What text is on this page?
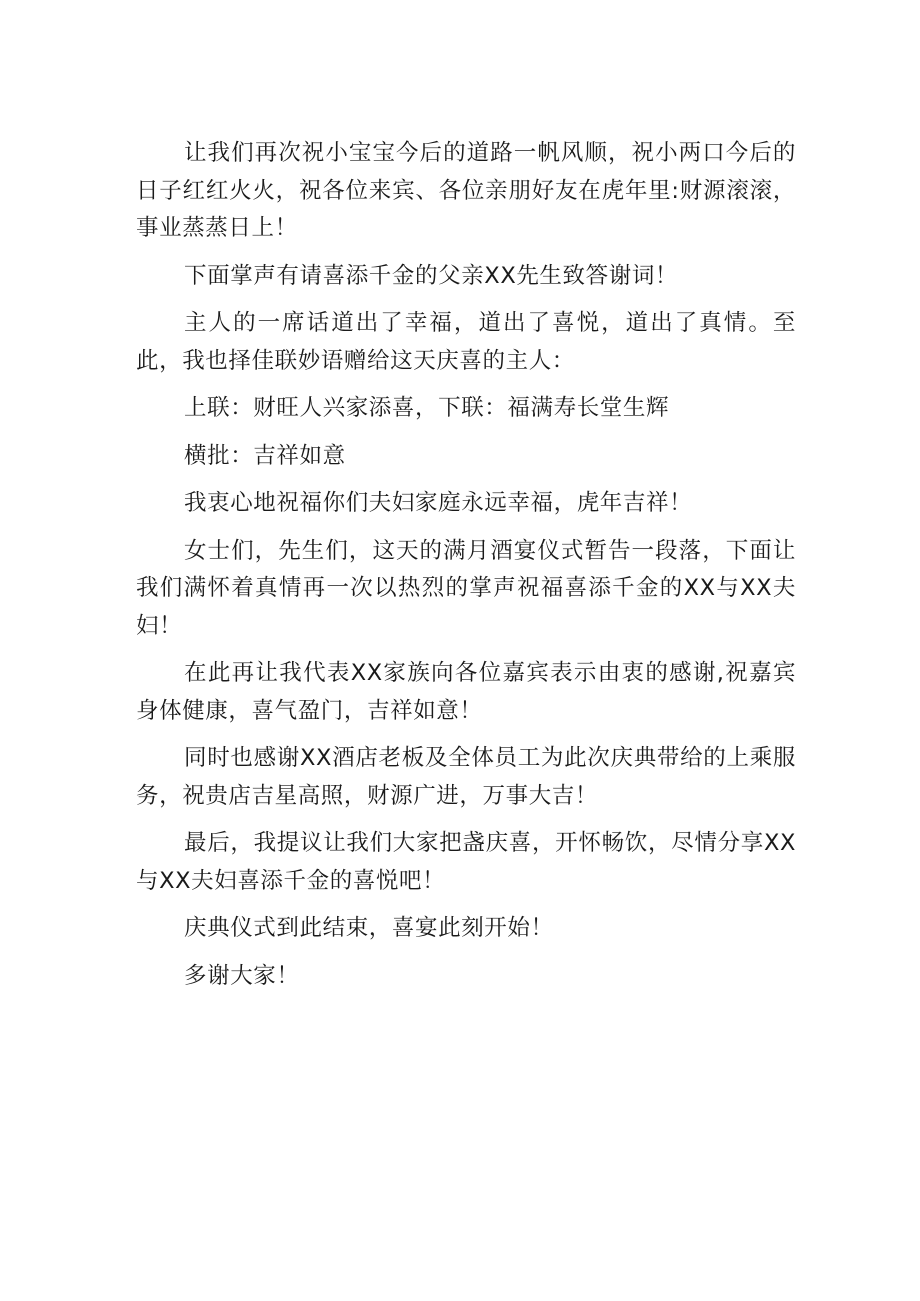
让我们再次祝小宝宝今后的道路一帆风顺，祝小两口今后的日子红红火火，祝各位来宾、各位亲朋好友在虎年里:财源滚滚，事业蒸蒸日上！

下面掌声有请喜添千金的父亲XX先生致答谢词！

主人的一席话道出了幸福，道出了喜悦，道出了真情。至此，我也择佳联妙语赠给这天庆喜的主人：

上联：财旺人兴家添喜，下联：福满寿长堂生辉

横批：吉祥如意

我衷心地祝福你们夫妇家庭永远幸福，虎年吉祥！

女士们，先生们，这天的满月酒宴仪式暂告一段落，下面让我们满怀着真情再一次以热烈的掌声祝福喜添千金的XX与XX夫妇！

在此再让我代表XX家族向各位嘉宾表示由衷的感谢,祝嘉宾身体健康，喜气盈门，吉祥如意！

同时也感谢XX酒店老板及全体员工为此次庆典带给的上乘服务，祝贵店吉星高照，财源广进，万事大吉！

最后，我提议让我们大家把盏庆喜，开怀畅饮，尽情分享XX与XX夫妇喜添千金的喜悦吧！

庆典仪式到此结束，喜宴此刻开始！

多谢大家！
